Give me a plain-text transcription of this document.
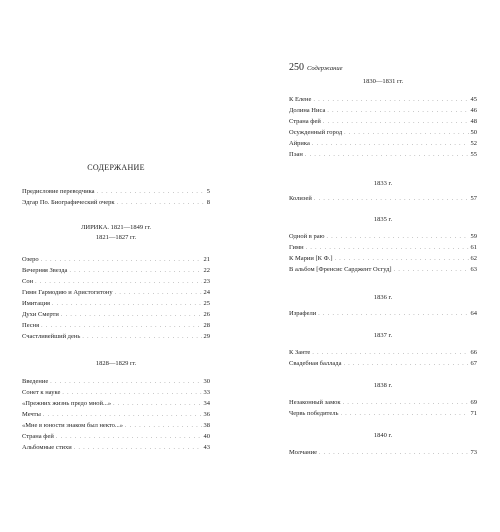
СОДЕРЖАНИЕ
Предисловие переводчика . . .	5
Эдгар По. Биографический очерк . . .	8
ЛИРИКА. 1821—1849 гг.
1821—1827 гг.
Озеро . . .	21
Вечерняя Звезда . . .	22
Сон . . .	23
Гимн Гармодию и Аристогитону . . .	24
Имитация . . .	25
Духи Смерти . . .	26
Песня . . .	28
Счастливейший день . . .	29
1828—1829 гг.
Введение . . .	30
Сонет к науке . . .	33
«Прежних жизнь предо мной...» . . .	34
Мечты . . .	36
«Мне в юности знаком был некто...» . . .	38
Страна фей . . .	40
Альбомные стихи . . .	43
250 Содержание
1830—1831 гг.
К Елене . . .	45
Долина Ниса . . .	46
Страна фей . . .	48
Осужденный город . . .	50
Айрика . . .	52
Пэан . . .	55
1833 г.
Колизей . . .	57
1835 г.
Одной в раю . . .	59
Гимн . . .	61
К Марии [К Ф.] . . .	62
В альбом [Френсис Сарджент Осгуд] . . .	63
1836 г.
Израфели . . .	64
1837 г.
К Занте . . .	66
Свадебная баллада . . .	67
1838 г.
Незаконный замок . . .	69
Червь победитель . . .	71
1840 г.
Молчание . . .	73
